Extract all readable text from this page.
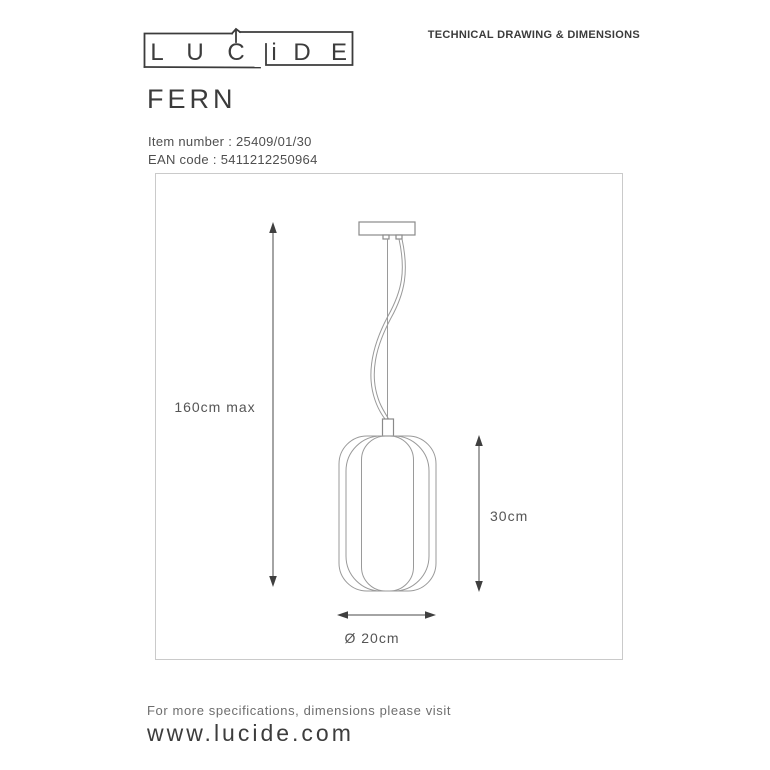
L U C i D E
TECHNICAL DRAWING & DIMENSIONS
FERN
Item number : 25409/01/30
EAN code : 5411212250964
160cm max
30cm
Ø 20cm
For more specifications, dimensions please visit
www.lucide.com
